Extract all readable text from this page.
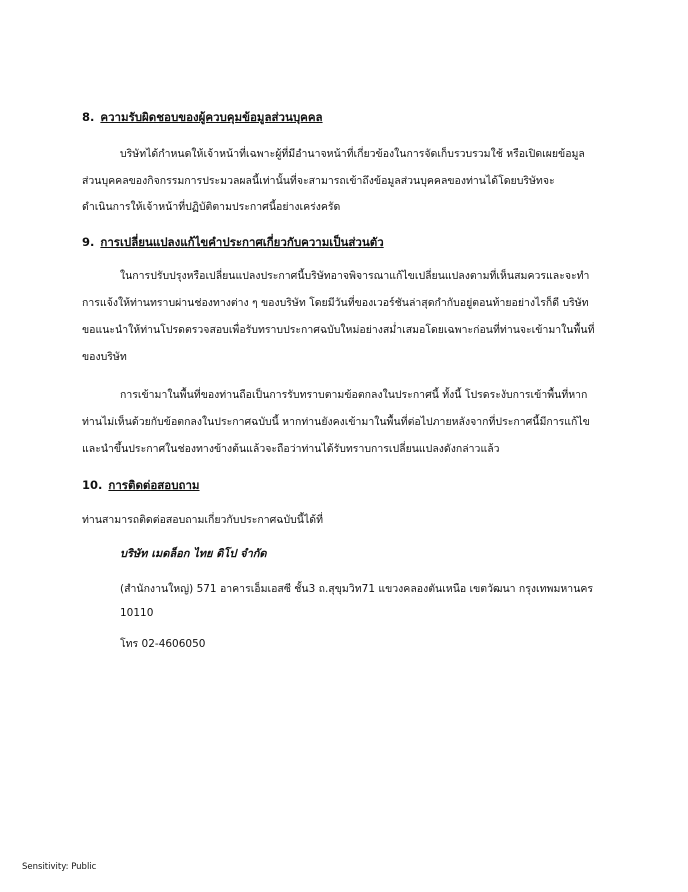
8. ความรับผิดชอบของผู้ควบคุมข้อมูลส่วนบุคคล
บริษัทได้กำหนดให้เจ้าหน้าที่เฉพาะผู้ที่มีอำนาจหน้าที่เกี่ยวข้องในการจัดเก็บรวบรวมใช้ หรือเปิดเผยข้อมูล
ส่วนบุคคลของกิจกรรมการประมวลผลนี้เท่านั้นที่จะสามารถเข้าถึงข้อมูลส่วนบุคคลของท่านได้โดยบริษัทจะ
ดำเนินการให้เจ้าหน้าที่ปฏิบัติตามประกาศนี้อย่างเคร่งครัด
9. การเปลี่ยนแปลงแก้ไขคำประกาศเกี่ยวกับความเป็นส่วนตัว
ในการปรับปรุงหรือเปลี่ยนแปลงประกาศนี้บริษัทอาจพิจารณาแก้ไขเปลี่ยนแปลงตามที่เห็นสมควรและจะทำ
การแจ้งให้ท่านทราบผ่านช่องทางต่าง ๆ ของบริษัท โดยมีวันที่ของเวอร์ชันล่าสุดกำกับอยู่ตอนท้ายอย่างไรก็ดี บริษัท
ขอแนะนำให้ท่านโปรดตรวจสอบเพื่อรับทราบประกาศฉบับใหม่อย่างสม่ำเสมอโดยเฉพาะก่อนที่ท่านจะเข้ามาในพื้นที่
ของบริษัท
การเข้ามาในพื้นที่ของท่านถือเป็นการรับทราบตามข้อตกลงในประกาศนี้ ทั้งนี้ โปรดระงับการเข้าพื้นที่หาก
ท่านไม่เห็นด้วยกับข้อตกลงในประกาศฉบับนี้ หากท่านยังคงเข้ามาในพื้นที่ต่อไปภายหลังจากที่ประกาศนี้มีการแก้ไข
และนำขึ้นประกาศในช่องทางข้างต้นแล้วจะถือว่าท่านได้รับทราบการเปลี่ยนแปลงดังกล่าวแล้ว
10. การติดต่อสอบถาม
ท่านสามารถติดต่อสอบถามเกี่ยวกับประกาศฉบับนี้ได้ที่
บริษัท เมดล็อก ไทย ดิโป จำกัด
(สำนักงานใหญ่) 571 อาคารเอ็มเอสซี ชั้น3 ถ.สุขุมวิท71 แขวงคลองตันเหนือ เขตวัฒนา กรุงเทพมหานคร
10110
โทร 02-4606050
Sensitivity: Public
